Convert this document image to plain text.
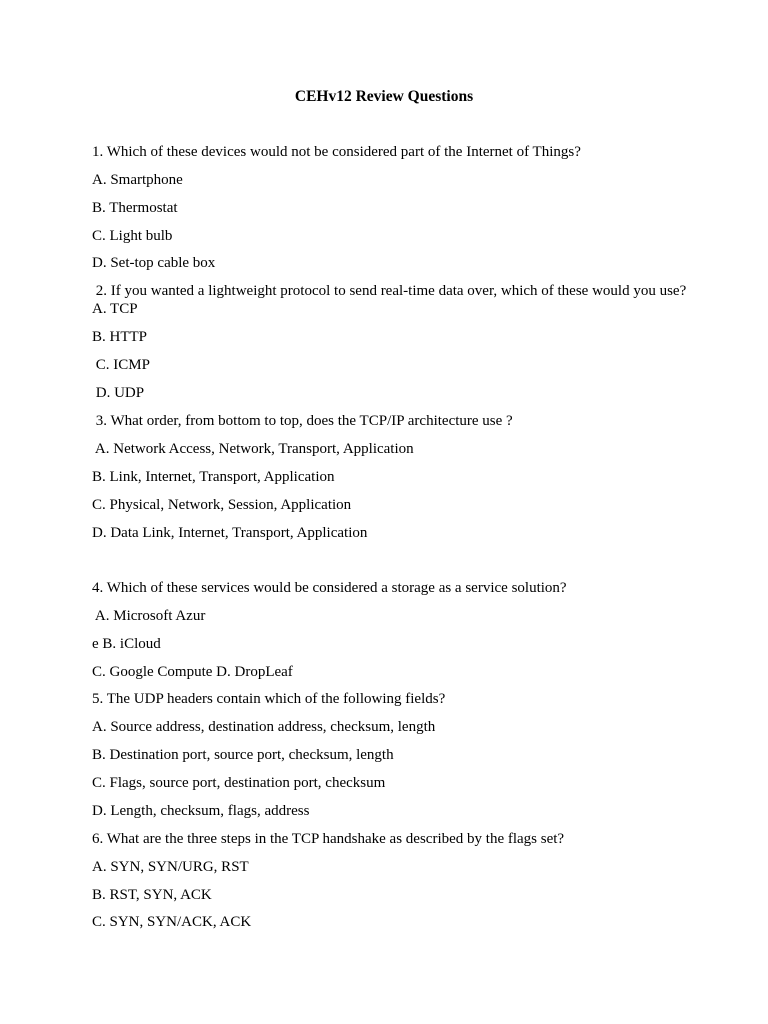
CEHv12 Review Questions
1. Which of these devices would not be considered part of the Internet of Things?
A. Smartphone
B. Thermostat
C. Light bulb
D. Set-top cable box
2. If you wanted a lightweight protocol to send real-time data over, which of these would you use? A. TCP
B. HTTP
C. ICMP
D. UDP
3. What order, from bottom to top, does the TCP/IP architecture use ?
A. Network Access, Network, Transport, Application
B. Link, Internet, Transport, Application
C. Physical, Network, Session, Application
D. Data Link, Internet, Transport, Application
4. Which of these services would be considered a storage as a service solution?
A. Microsoft Azur
e B. iCloud
C. Google Compute D. DropLeaf
5. The UDP headers contain which of the following fields?
A. Source address, destination address, checksum, length
B. Destination port, source port, checksum, length
C. Flags, source port, destination port, checksum
D. Length, checksum, flags, address
6. What are the three steps in the TCP handshake as described by the flags set?
A. SYN, SYN/URG, RST
B. RST, SYN, ACK
C. SYN, SYN/ACK, ACK
